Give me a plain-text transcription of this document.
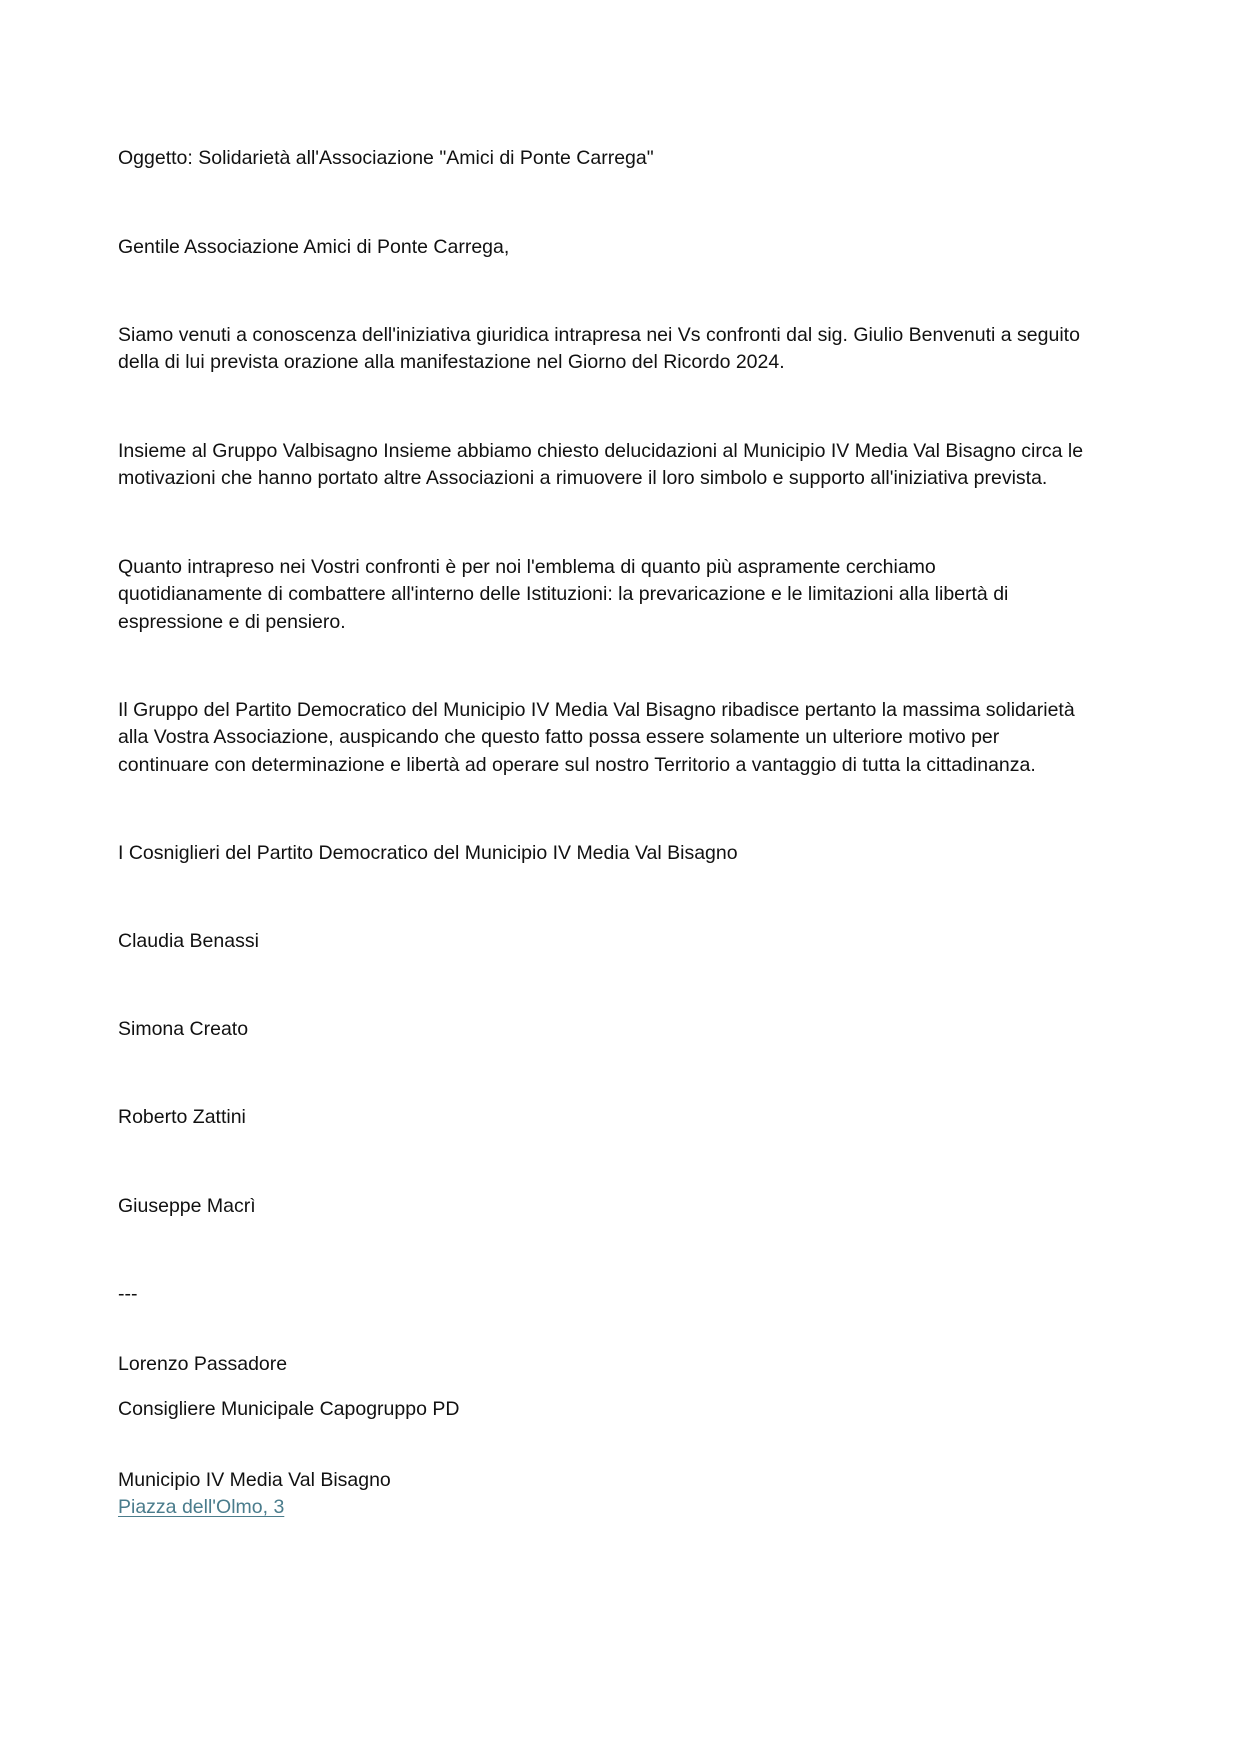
Oggetto: Solidarietà all'Associazione "Amici di Ponte Carrega"

Gentile Associazione Amici di Ponte Carrega,

Siamo venuti a conoscenza dell'iniziativa giuridica intrapresa nei Vs confronti dal sig. Giulio Benvenuti a seguito
della di lui prevista orazione alla manifestazione nel Giorno del Ricordo 2024.
Insieme al Gruppo Valbisagno Insieme abbiamo chiesto delucidazioni al Municipio IV Media Val Bisagno circa le
motivazioni che hanno portato altre Associazioni a rimuovere il loro simbolo e supporto all'iniziativa prevista.
Quanto intrapreso nei Vostri confronti è per noi l'emblema di quanto più aspramente cerchiamo
quotidianamente di combattere all'interno delle Istituzioni: la prevaricazione e le limitazioni alla libertà di
espressione e di pensiero.
Il Gruppo del Partito Democratico del Municipio IV Media Val Bisagno ribadisce pertanto la massima solidarietà
alla Vostra Associazione, auspicando che questo fatto possa essere solamente un ulteriore motivo per
continuare con determinazione e libertà ad operare sul nostro Territorio a vantaggio di tutta la cittadinanza.

I Cosniglieri del Partito Democratico del Municipio IV Media Val Bisagno

Claudia Benassi

Simona Creato

Roberto Zattini

Giuseppe Macrì

---

Lorenzo Passadore

Consigliere Municipale Capogruppo PD

Municipio IV Media Val Bisagno

Piazza dell'Olmo, 3
